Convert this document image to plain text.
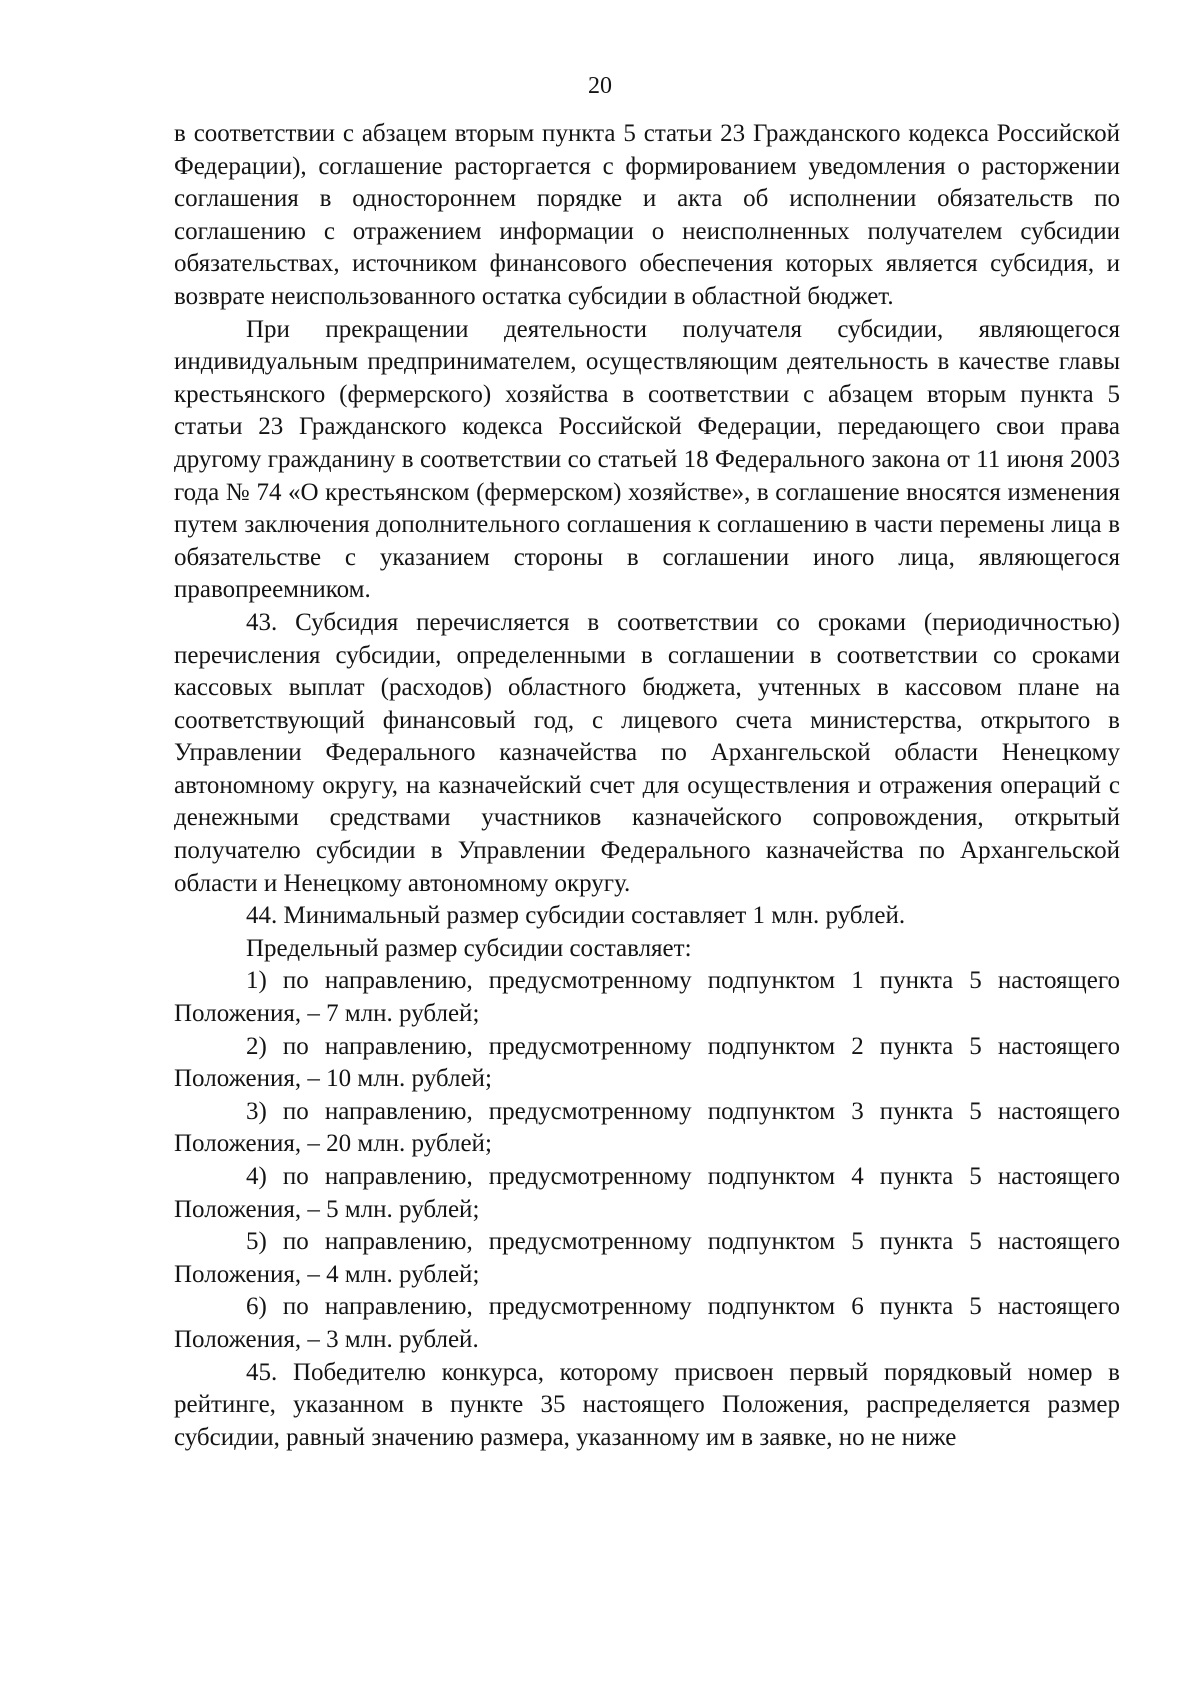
20

в соответствии с абзацем вторым пункта 5 статьи 23 Гражданского кодекса Российской Федерации), соглашение расторгается с формированием уведомления о расторжении соглашения в одностороннем порядке и акта об исполнении обязательств по соглашению с отражением информации о неисполненных получателем субсидии обязательствах, источником финансового обеспечения которых является субсидия, и возврате неиспользованного остатка субсидии в областной бюджет.

При прекращении деятельности получателя субсидии, являющегося индивидуальным предпринимателем, осуществляющим деятельность в качестве главы крестьянского (фермерского) хозяйства в соответствии с абзацем вторым пункта 5 статьи 23 Гражданского кодекса Российской Федерации, передающего свои права другому гражданину в соответствии со статьей 18 Федерального закона от 11 июня 2003 года № 74 «О крестьянском (фермерском) хозяйстве», в соглашение вносятся изменения путем заключения дополнительного соглашения к соглашению в части перемены лица в обязательстве с указанием стороны в соглашении иного лица, являющегося правопреемником.

43. Субсидия перечисляется в соответствии со сроками (периодичностью) перечисления субсидии, определенными в соглашении в соответствии со сроками кассовых выплат (расходов) областного бюджета, учтенных в кассовом плане на соответствующий финансовый год, с лицевого счета министерства, открытого в Управлении Федерального казначейства по Архангельской области Ненецкому автономному округу, на казначейский счет для осуществления и отражения операций с денежными средствами участников казначейского сопровождения, открытый получателю субсидии в Управлении Федерального казначейства по Архангельской области и Ненецкому автономному округу.

44. Минимальный размер субсидии составляет 1 млн. рублей.

Предельный размер субсидии составляет:

1) по направлению, предусмотренному подпунктом 1 пункта 5 настоящего Положения, – 7 млн. рублей;

2) по направлению, предусмотренному подпунктом 2 пункта 5 настоящего Положения, – 10 млн. рублей;

3) по направлению, предусмотренному подпунктом 3 пункта 5 настоящего Положения, – 20 млн. рублей;

4) по направлению, предусмотренному подпунктом 4 пункта 5 настоящего Положения, – 5 млн. рублей;

5) по направлению, предусмотренному подпунктом 5 пункта 5 настоящего Положения, – 4 млн. рублей;

6) по направлению, предусмотренному подпунктом 6 пункта 5 настоящего Положения, – 3 млн. рублей.

45. Победителю конкурса, которому присвоен первый порядковый номер в рейтинге, указанном в пункте 35 настоящего Положения, распределяется размер субсидии, равный значению размера, указанному им в заявке, но не ниже
